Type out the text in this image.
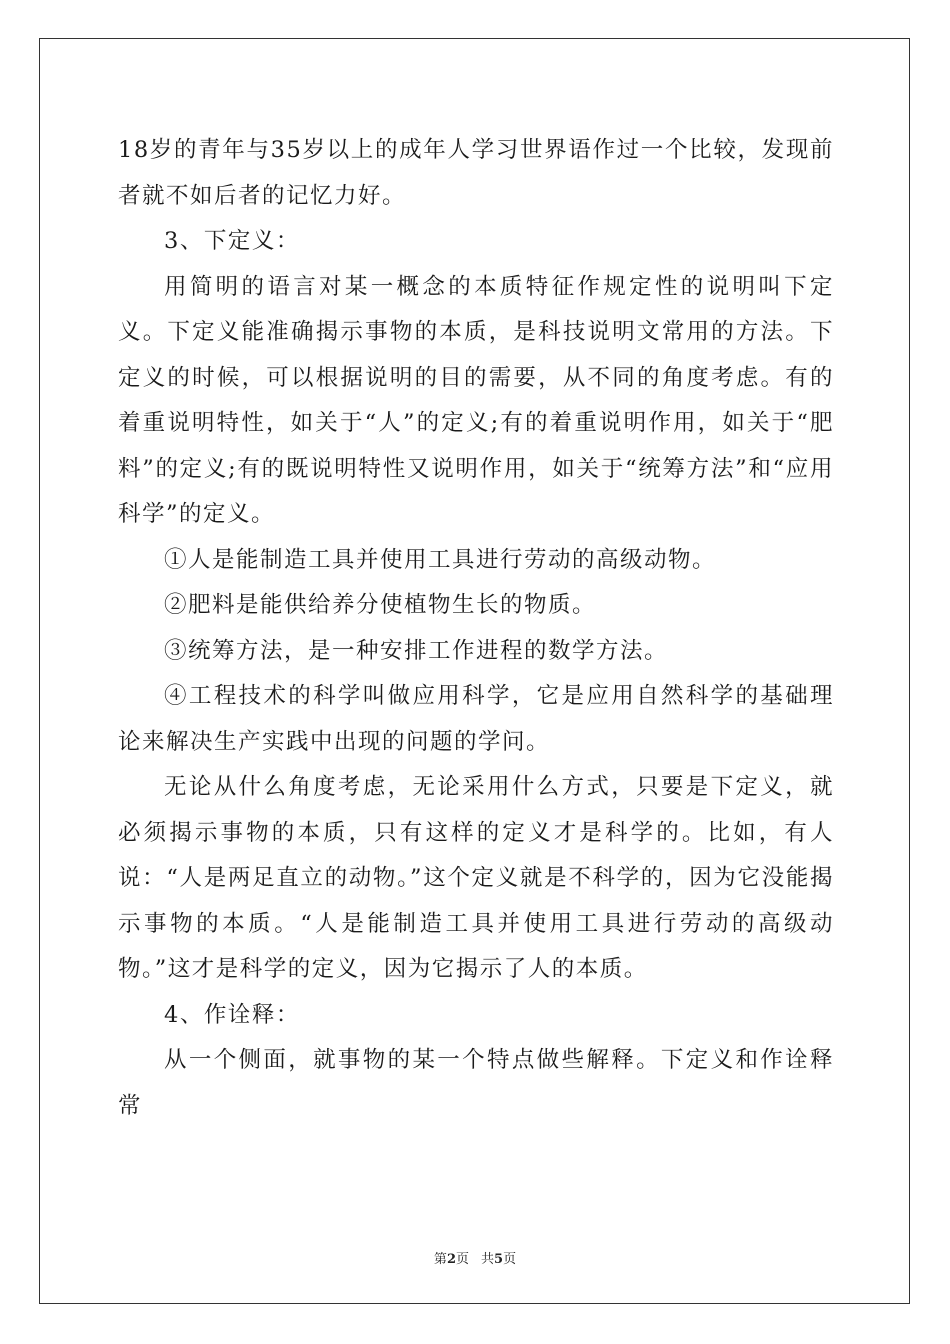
18岁的青年与35岁以上的成年人学习世界语作过一个比较，发现前者就不如后者的记忆力好。

3、下定义：

用简明的语言对某一概念的本质特征作规定性的说明叫下定义。下定义能准确揭示事物的本质，是科技说明文常用的方法。下定义的时候，可以根据说明的目的需要，从不同的角度考虑。有的着重说明特性，如关于“人”的定义;有的着重说明作用，如关于“肥料”的定义;有的既说明特性又说明作用，如关于“统筹方法”和“应用科学”的定义。

①人是能制造工具并使用工具进行劳动的高级动物。

②肥料是能供给养分使植物生长的物质。

③统筹方法，是一种安排工作进程的数学方法。

④工程技术的科学叫做应用科学，它是应用自然科学的基础理论来解决生产实践中出现的问题的学问。

无论从什么角度考虑，无论采用什么方式，只要是下定义，就必须揭示事物的本质，只有这样的定义才是科学的。比如，有人说：“人是两足直立的动物。”这个定义就是不科学的，因为它没能揭示事物的本质。“人是能制造工具并使用工具进行劳动的高级动物。”这才是科学的定义，因为它揭示了人的本质。

4、作诠释：

从一个侧面，就事物的某一个特点做些解释。下定义和作诠释常

第2页 共5页
